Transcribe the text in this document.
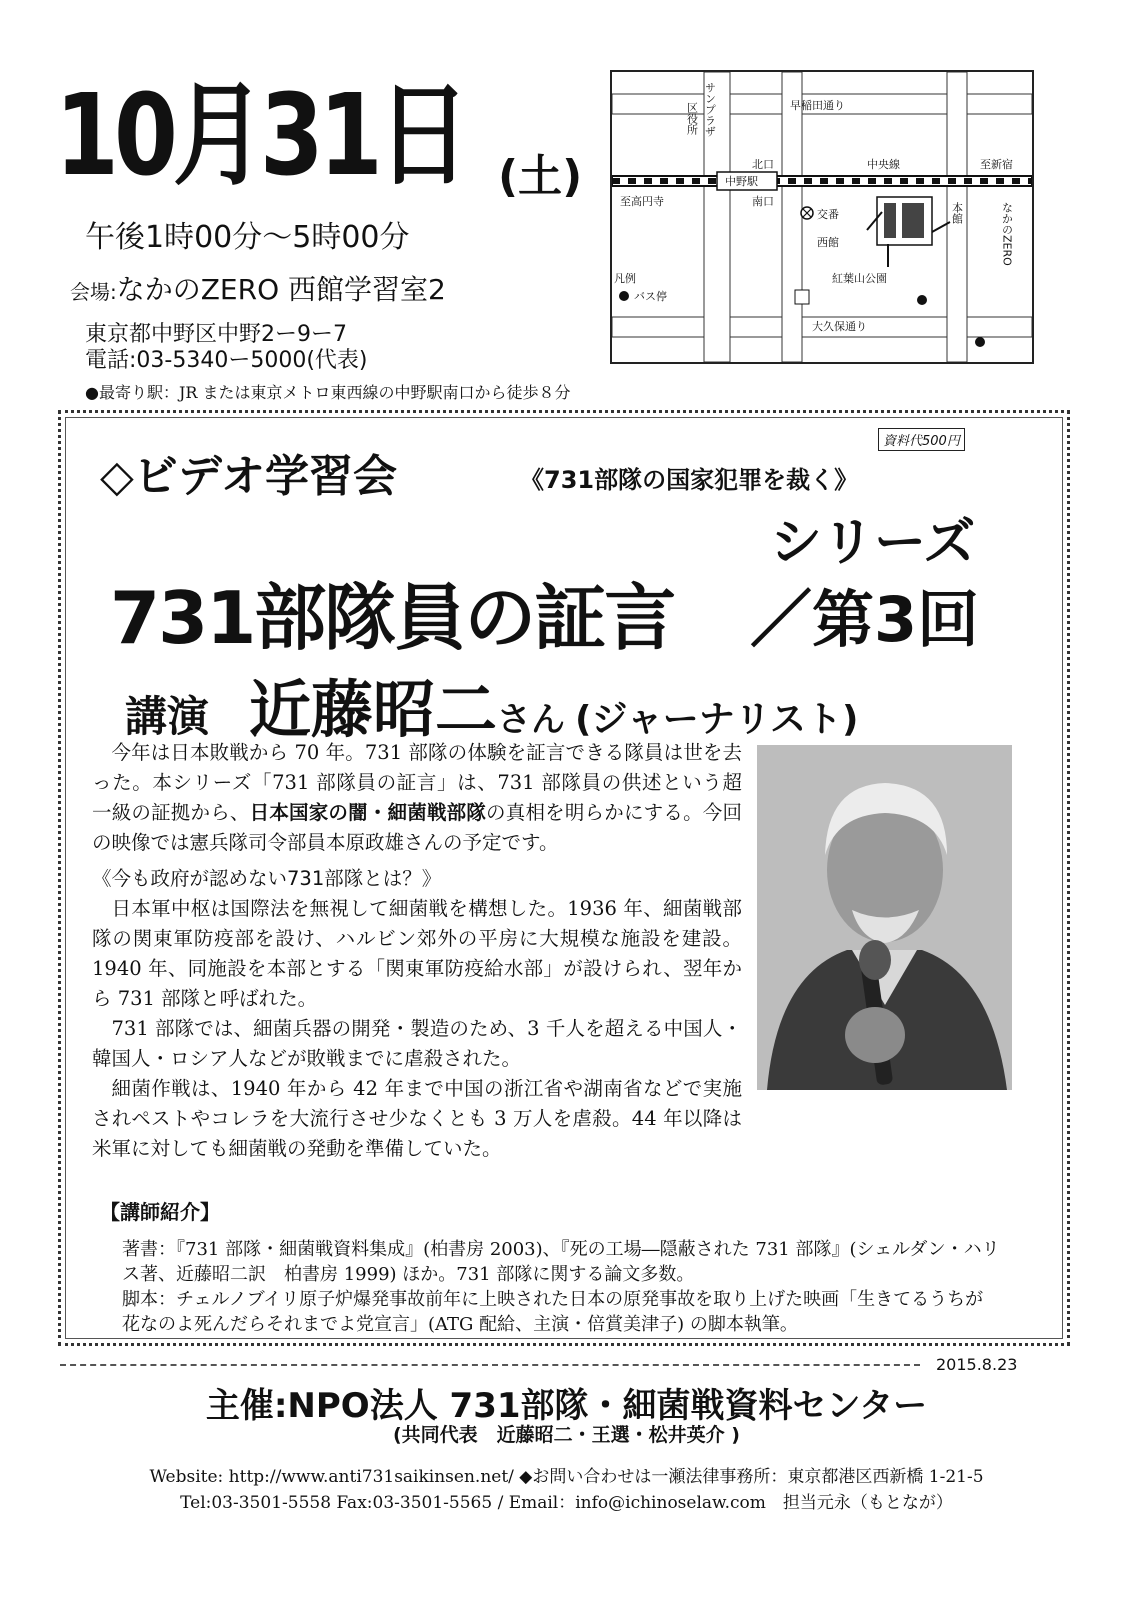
10月31日 (土)
午後1時00分～5時00分
会場:なかのZERO 西館学習室2
東京都中野区中野2ー9ー7
電話:03-5340ー5000(代表)
●最寄り駅：JR または東京メトロ東西線の中野駅南口から徒歩８分
サンプラザ
区役所	早稲田通り
北口	中央線	至新宿
中野駅
至高円寺	南口
交番
西館
本館	なかのZERO
紅葉山公園
凡例
バス停
大久保通り
資料代500円
◇ビデオ学習会	《731部隊の国家犯罪を裁く》
シリーズ
731部隊員の証言 ／第3回
講演 近藤昭二さん (ジャーナリスト)

今年は日本敗戦から 70 年。731 部隊の体験を証言できる隊員は世を去った。本シリーズ「731 部隊員の証言」は、731 部隊員の供述という超一級の証拠から、日本国家の闇・細菌戦部隊の真相を明らかにする。今回の映像では憲兵隊司令部員本原政雄さんの予定です。

《今も政府が認めない731部隊とは？》

日本軍中枢は国際法を無視して細菌戦を構想した。1936 年、細菌戦部隊の関東軍防疫部を設け、ハルビン郊外の平房に大規模な施設を建設。1940 年、同施設を本部とする「関東軍防疫給水部」が設けられ、翌年から 731 部隊と呼ばれた。

731 部隊では、細菌兵器の開発・製造のため、3 千人を超える中国人・韓国人・ロシア人などが敗戦までに虐殺された。

細菌作戦は、1940 年から 42 年まで中国の浙江省や湖南省などで実施されペストやコレラを大流行させ少なくとも 3 万人を虐殺。44 年以降は米軍に対しても細菌戦の発動を準備していた。

【講師紹介】
著書：『731 部隊・細菌戦資料集成』(柏書房 2003)、『死の工場―隠蔽された 731 部隊』(シェルダン・ハリス著、近藤昭二訳　柏書房 1999) ほか。731 部隊に関する論文多数。
脚本：チェルノブイリ原子炉爆発事故前年に上映された日本の原発事故を取り上げた映画「生きてるうちが花なのよ死んだらそれまでよ党宣言」(ATG 配給、主演・倍賞美津子) の脚本執筆。
2015.8.23
主催:NPO法人 731部隊・細菌戦資料センター
(共同代表　近藤昭二・王選・松井英介 )
Website: http://www.anti731saikinsen.net/ ◆お問い合わせは一瀬法律事務所：東京都港区西新橋 1-21-5
Tel:03-3501-5558 Fax:03-3501-5565 / Email：info@ichinoselaw.com　担当元永（もとなが）
